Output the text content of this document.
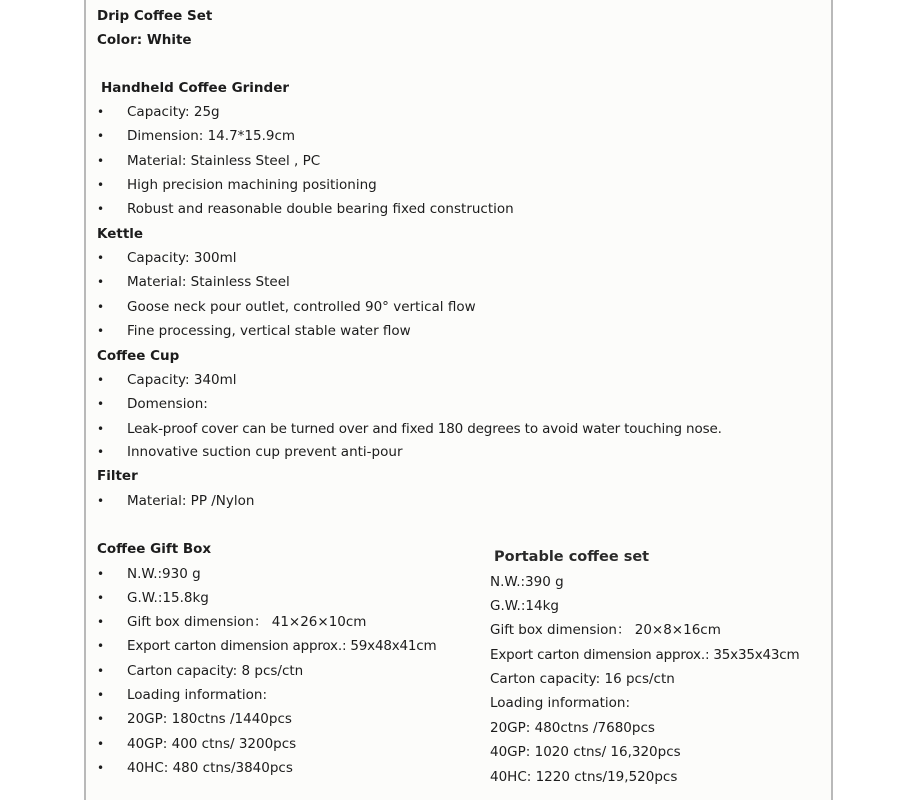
Drip Coffee Set
Color: White
Handheld Coffee Grinder
• Capacity: 25g
• Dimension: 14.7*15.9cm
• Material: Stainless Steel , PC
• High precision machining positioning
• Robust and reasonable double bearing fixed construction
Kettle
• Capacity: 300ml
• Material: Stainless Steel
• Goose neck pour outlet, controlled 90° vertical flow
• Fine processing, vertical stable water flow
Coffee Cup
• Capacity: 340ml
• Domension:
• Leak-proof cover can be turned over and fixed 180 degrees to avoid water touching nose.
• Innovative suction cup prevent anti-pour
Filter
• Material: PP /Nylon
Coffee Gift Box
• N.W.:930 g
• G.W.:15.8kg
• Gift box dimension： 41×26×10cm
• Export carton dimension approx.: 59x48x41cm
• Carton capacity: 8 pcs/ctn
• Loading information:
• 20GP: 180ctns /1440pcs
• 40GP: 400 ctns/ 3200pcs
• 40HC: 480 ctns/3840pcs
Portable coffee set
N.W.:390 g
G.W.:14kg
Gift box dimension： 20×8×16cm
Export carton dimension approx.: 35x35x43cm
Carton capacity: 16 pcs/ctn
Loading information:
20GP: 480ctns /7680pcs
40GP: 1020 ctns/ 16,320pcs
40HC: 1220 ctns/19,520pcs
